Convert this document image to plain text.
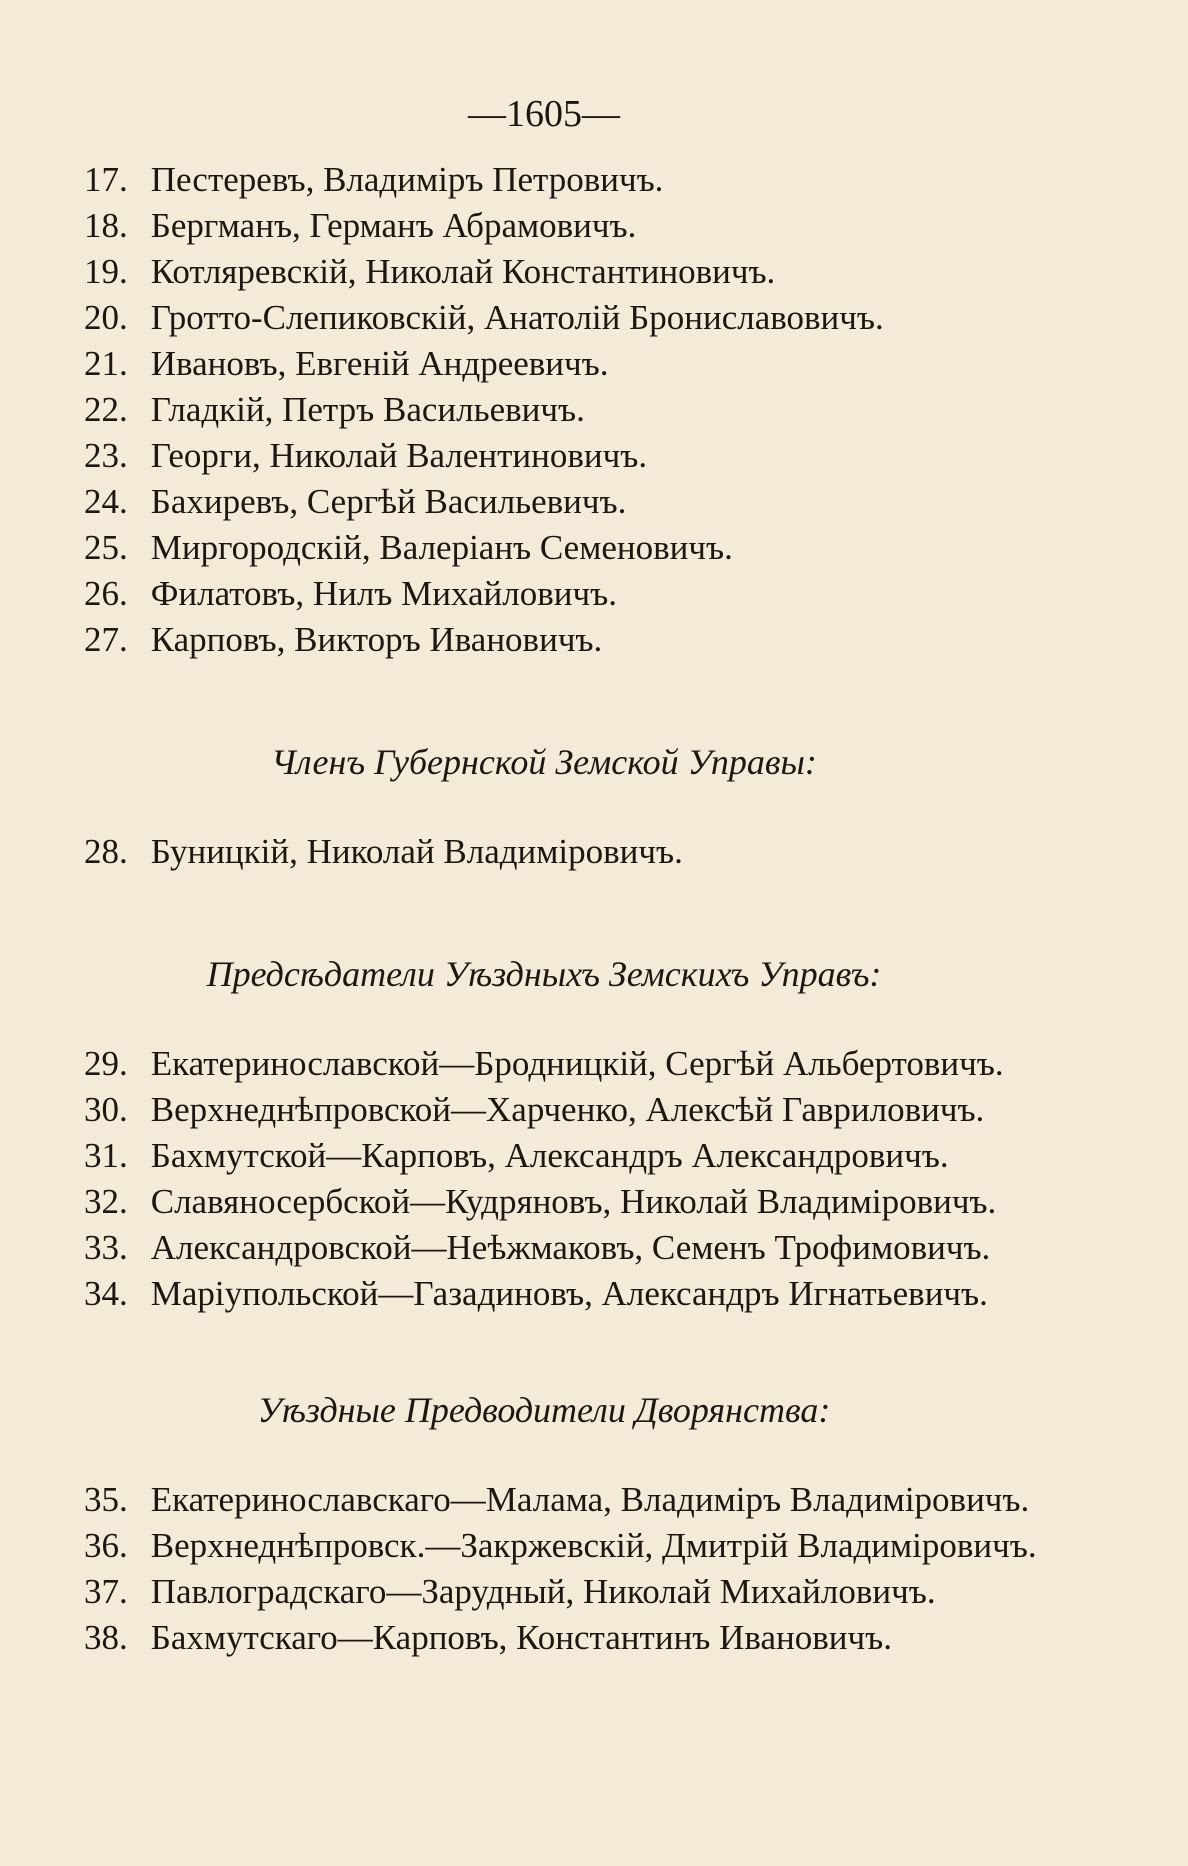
—1605—
17. Пестеревъ, Владиміръ Петровичъ.
18. Бергманъ, Германъ Абрамовичъ.
19. Котляревскій, Николай Константиновичъ.
20. Гротто-Слепиковскій, Анатолій Брониславовичъ.
21. Ивановъ, Евгеній Андреевичъ.
22. Гладкій, Петръ Васильевичъ.
23. Георги, Николай Валентиновичъ.
24. Бахиревъ, Сергѣй Васильевичъ.
25. Миргородскій, Валеріанъ Семеновичъ.
26. Филатовъ, Нилъ Михайловичъ.
27. Карповъ, Викторъ Ивановичъ.
Членъ Губернской Земской Управы:
28. Буницкій, Николай Владиміровичъ.
Предсѣдатели Уѣздныхъ Земскихъ Управъ:
29. Екатеринославской—Бродницкій, Сергѣй Альбертовичъ.
30. Верхнеднѣпровской—Харченко, Алексѣй Гавриловичъ.
31. Бахмутской—Карповъ, Александръ Александровичъ.
32. Славяносербской—Кудряновъ, Николай Владиміровичъ.
33. Александровской—Неѣжмаковъ, Семенъ Трофимовичъ.
34. Маріупольской—Газадиновъ, Александръ Игнатьевичъ.
Уѣздные Предводители Дворянства:
35. Екатеринославскаго—Малама, Владиміръ Владиміровичъ.
36. Верхнеднѣпровск.—Закржевскій, Дмитрій Владиміровичъ.
37. Павлоградскаго—Зарудный, Николай Михайловичъ.
38. Бахмутскаго—Карповъ, Константинъ Ивановичъ.
